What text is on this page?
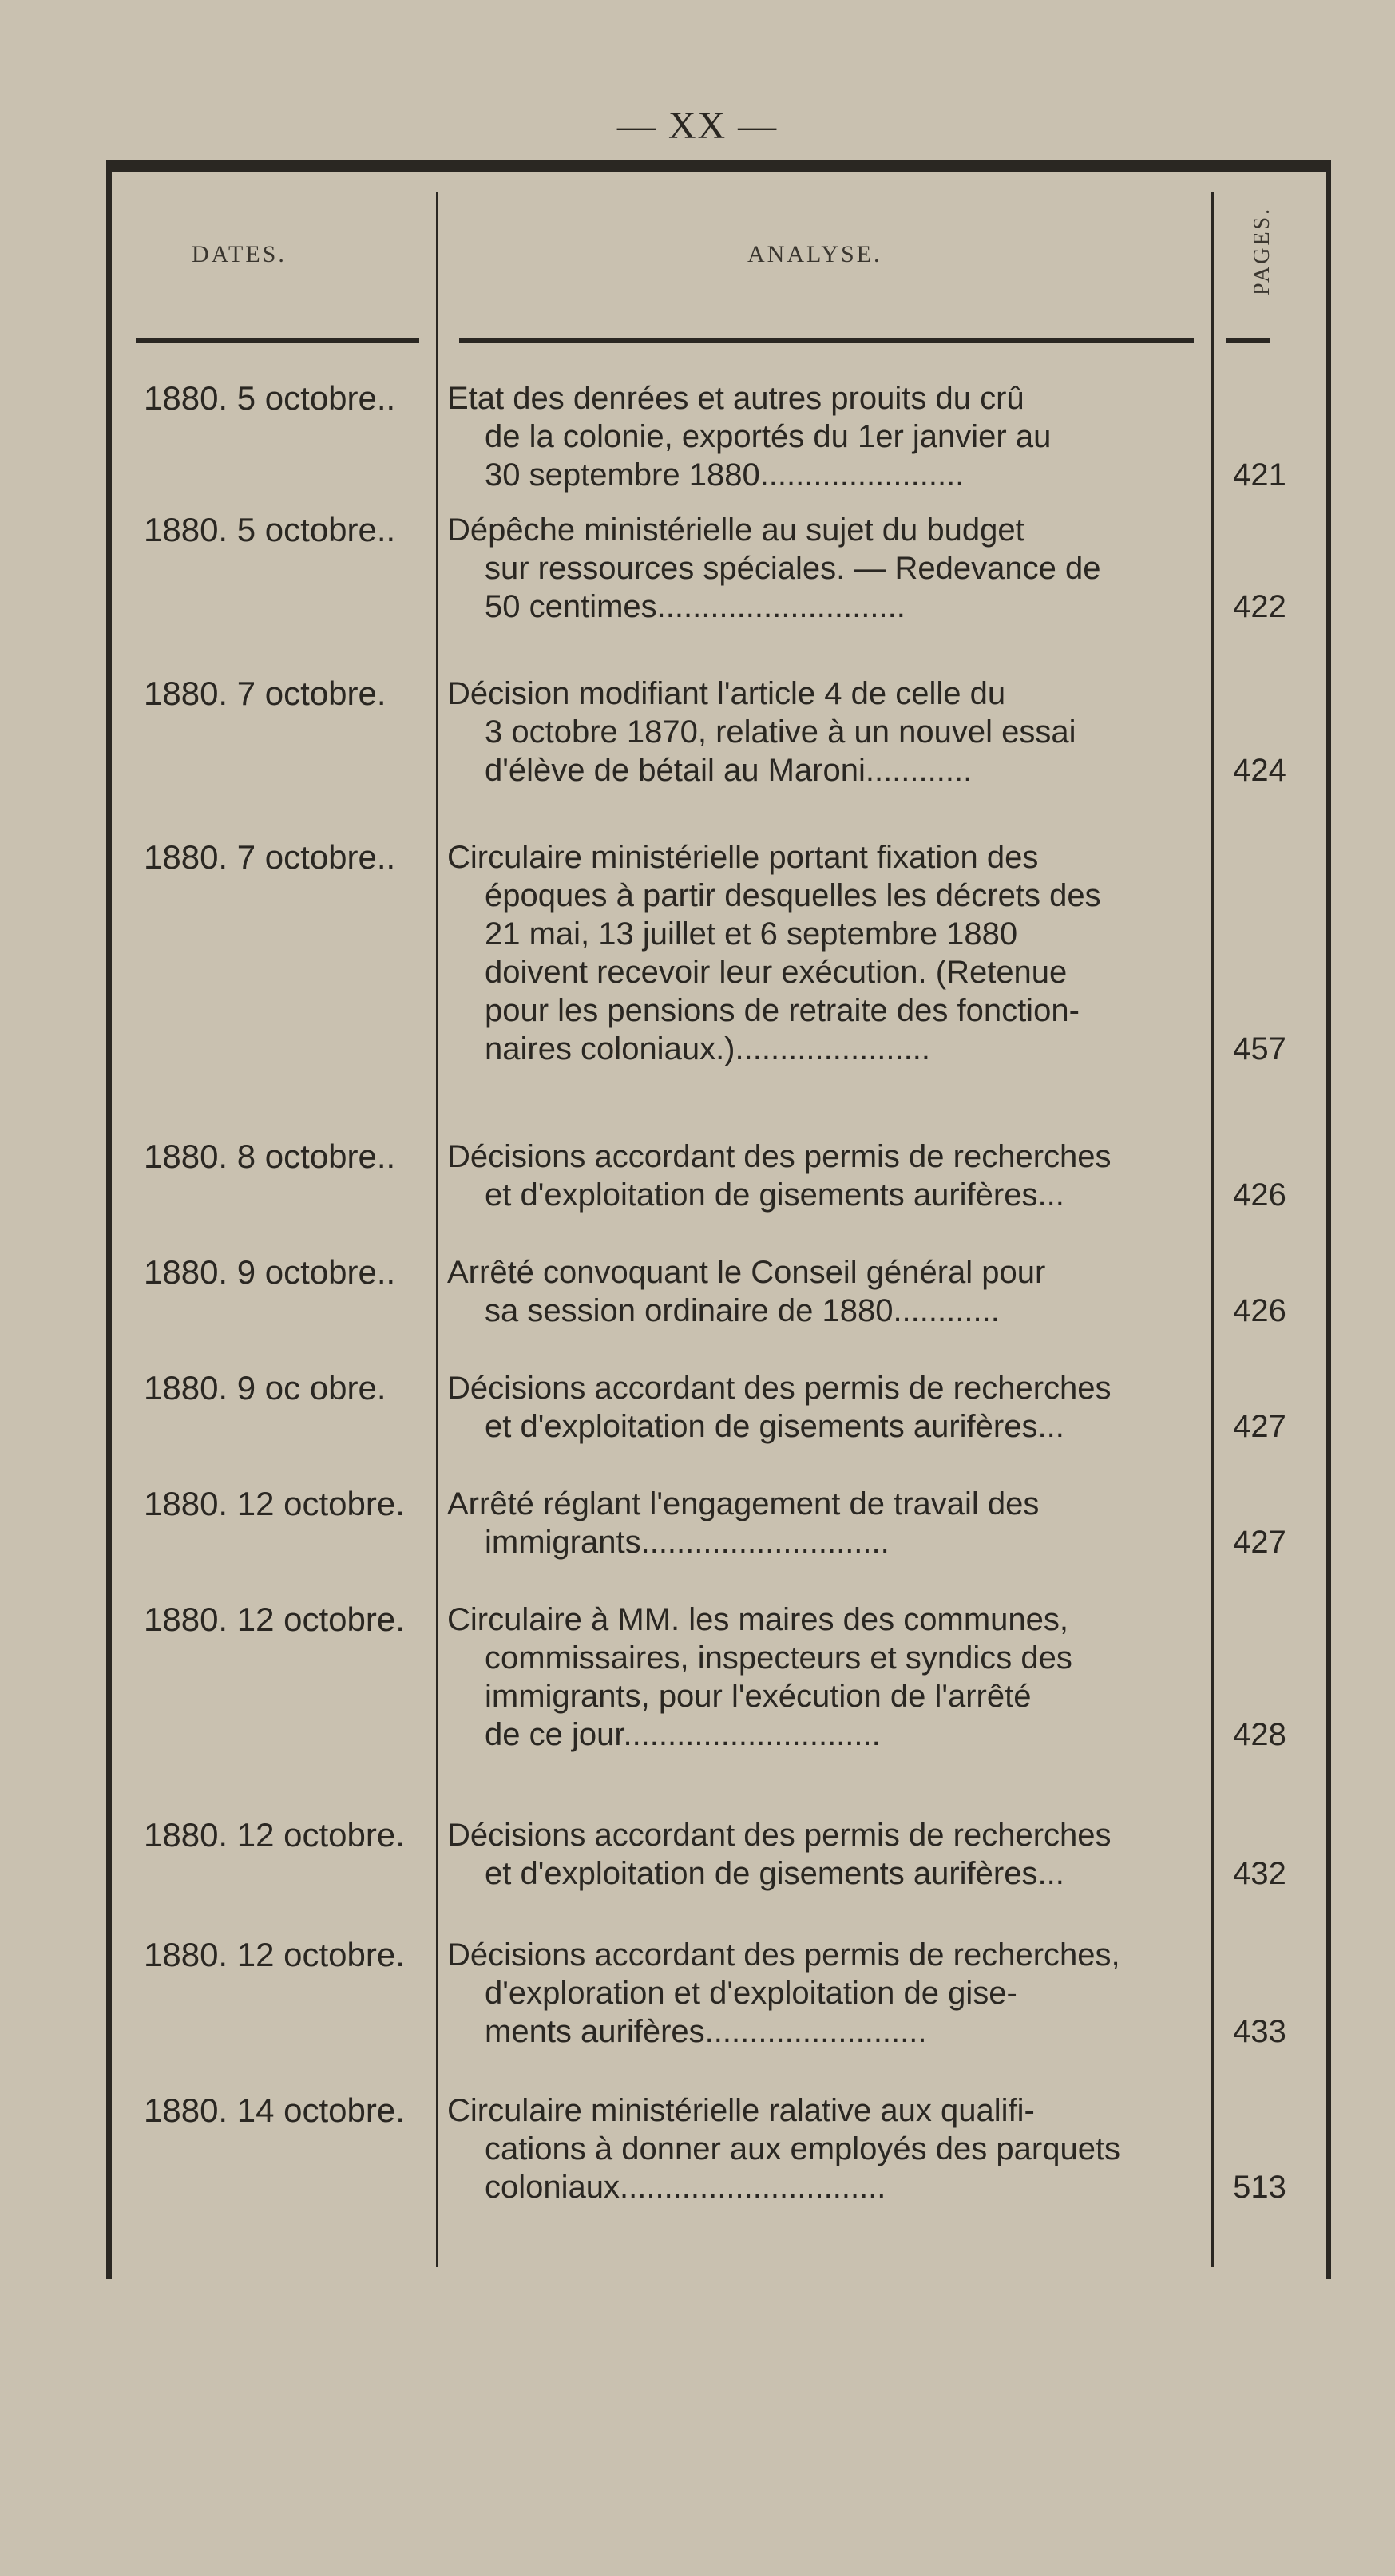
— XX —
DATES.	ANALYSE.	PAGES.
1880. 5 octobre..	Etat des denrées et autres prouits du crû
de la colonie, exportés du 1er janvier au
30 septembre 1880.......................	421
1880. 5 octobre..	Dépêche ministérielle au sujet du budget
sur ressources spéciales. — Redevance de
50 centimes............................	422
1880. 7 octobre.	Décision modifiant l'article 4 de celle du
3 octobre 1870, relative à un nouvel essai
d'élève de bétail au Maroni............	424
1880. 7 octobre..	Circulaire ministérielle portant fixation des
époques à partir desquelles les décrets des
21 mai, 13 juillet et 6 septembre 1880
doivent recevoir leur exécution. (Retenue
pour les pensions de retraite des fonction-
naires coloniaux.)......................	457
1880. 8 octobre..	Décisions accordant des permis de recherches
et d'exploitation de gisements aurifères...	426
1880. 9 octobre..	Arrêté convoquant le Conseil général pour
sa session ordinaire de 1880............	426
1880. 9 oc obre.	Décisions accordant des permis de recherches
et d'exploitation de gisements aurifères...	427
1880. 12 octobre.	Arrêté réglant l'engagement de travail des
immigrants............................	427
1880. 12 octobre.	Circulaire à MM. les maires des communes,
commissaires, inspecteurs et syndics des
immigrants, pour l'exécution de l'arrêté
de ce jour.............................	428
1880. 12 octobre.	Décisions accordant des permis de recherches
et d'exploitation de gisements aurifères...	432
1880. 12 octobre.	Décisions accordant des permis de recherches,
d'exploration et d'exploitation de gise-
ments aurifères.........................	433
1880. 14 octobre.	Circulaire ministérielle ralative aux qualifi-
cations à donner aux employés des parquets
coloniaux..............................	513
